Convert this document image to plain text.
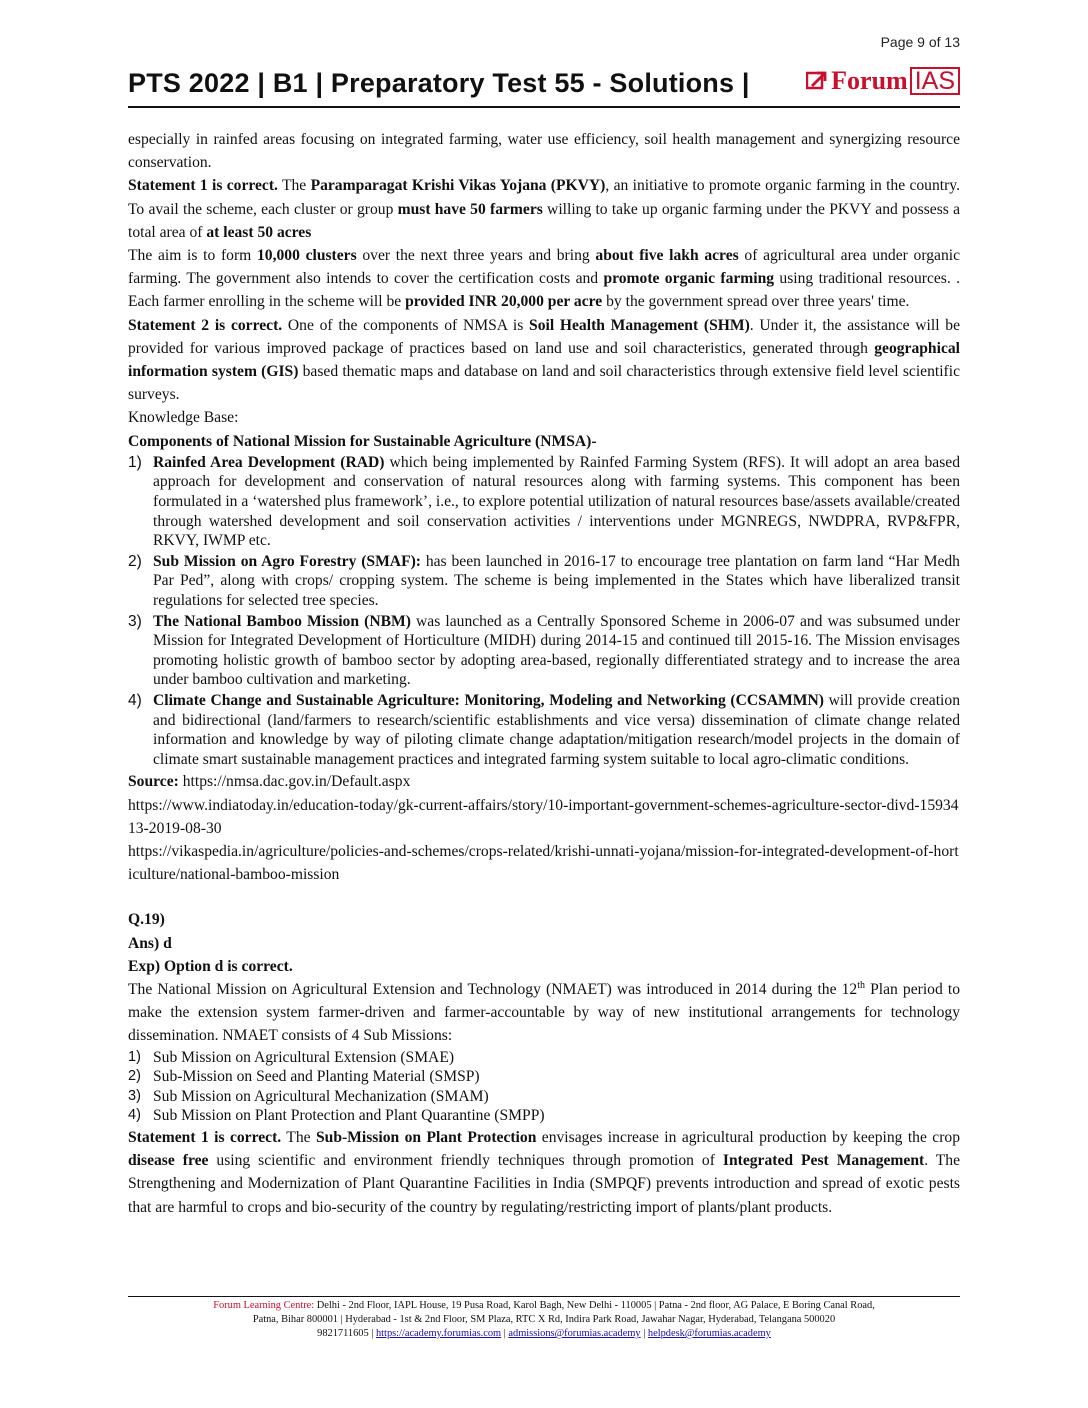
Page 9 of 13
PTS 2022 | B1 | Preparatory Test 55 - Solutions |	Forum IAS

especially in rainfed areas focusing on integrated farming, water use efficiency, soil health management and synergizing resource conservation.

Statement 1 is correct. The Paramparagat Krishi Vikas Yojana (PKVY), an initiative to promote organic farming in the country. To avail the scheme, each cluster or group must have 50 farmers willing to take up organic farming under the PKVY and possess a total area of at least 50 acres

The aim is to form 10,000 clusters over the next three years and bring about five lakh acres of agricultural area under organic farming. The government also intends to cover the certification costs and promote organic farming using traditional resources. . Each farmer enrolling in the scheme will be provided INR 20,000 per acre by the government spread over three years' time.

Statement 2 is correct. One of the components of NMSA is Soil Health Management (SHM). Under it, the assistance will be provided for various improved package of practices based on land use and soil characteristics, generated through geographical information system (GIS) based thematic maps and database on land and soil characteristics through extensive field level scientific surveys.

Knowledge Base:

Components of National Mission for Sustainable Agriculture (NMSA)-

1) Rainfed Area Development (RAD) which being implemented by Rainfed Farming System (RFS). It will adopt an area based approach for development and conservation of natural resources along with farming systems. This component has been formulated in a ‘watershed plus framework’, i.e., to explore potential utilization of natural resources base/assets available/created through watershed development and soil conservation activities / interventions under MGNREGS, NWDPRA, RVP&FPR, RKVY, IWMP etc.
2) Sub Mission on Agro Forestry (SMAF): has been launched in 2016-17 to encourage tree plantation on farm land “Har Medh Par Ped”, along with crops/ cropping system. The scheme is being implemented in the States which have liberalized transit regulations for selected tree species.
3) The National Bamboo Mission (NBM) was launched as a Centrally Sponsored Scheme in 2006-07 and was subsumed under Mission for Integrated Development of Horticulture (MIDH) during 2014-15 and continued till 2015-16. The Mission envisages promoting holistic growth of bamboo sector by adopting area-based, regionally differentiated strategy and to increase the area under bamboo cultivation and marketing.
4) Climate Change and Sustainable Agriculture: Monitoring, Modeling and Networking (CCSAMMN) will provide creation and bidirectional (land/farmers to research/scientific establishments and vice versa) dissemination of climate change related information and knowledge by way of piloting climate change adaptation/mitigation research/model projects in the domain of climate smart sustainable management practices and integrated farming system suitable to local agro-climatic conditions.

Source: https://nmsa.dac.gov.in/Default.aspx

https://www.indiatoday.in/education-today/gk-current-affairs/story/10-important-government-schemes-agriculture-sector-divd-1593413-2019-08-30

https://vikaspedia.in/agriculture/policies-and-schemes/crops-related/krishi-unnati-yojana/mission-for-integrated-development-of-horticulture/national-bamboo-mission

Q.19)

Ans) d

Exp) Option d is correct.

The National Mission on Agricultural Extension and Technology (NMAET) was introduced in 2014 during the 12th Plan period to make the extension system farmer-driven and farmer-accountable by way of new institutional arrangements for technology dissemination. NMAET consists of 4 Sub Missions:

1) Sub Mission on Agricultural Extension (SMAE)
2) Sub-Mission on Seed and Planting Material (SMSP)
3) Sub Mission on Agricultural Mechanization (SMAM)
4) Sub Mission on Plant Protection and Plant Quarantine (SMPP)

Statement 1 is correct. The Sub-Mission on Plant Protection envisages increase in agricultural production by keeping the crop disease free using scientific and environment friendly techniques through promotion of Integrated Pest Management. The Strengthening and Modernization of Plant Quarantine Facilities in India (SMPQF) prevents introduction and spread of exotic pests that are harmful to crops and bio-security of the country by regulating/restricting import of plants/plant products.

Forum Learning Centre: Delhi - 2nd Floor, IAPL House, 19 Pusa Road, Karol Bagh, New Delhi - 110005 | Patna - 2nd floor, AG Palace, E Boring Canal Road,
Patna, Bihar 800001 | Hyderabad - 1st & 2nd Floor, SM Plaza, RTC X Rd, Indira Park Road, Jawahar Nagar, Hyderabad, Telangana 500020
9821711605 | https://academy.forumias.com | admissions@forumias.academy | helpdesk@forumias.academy
